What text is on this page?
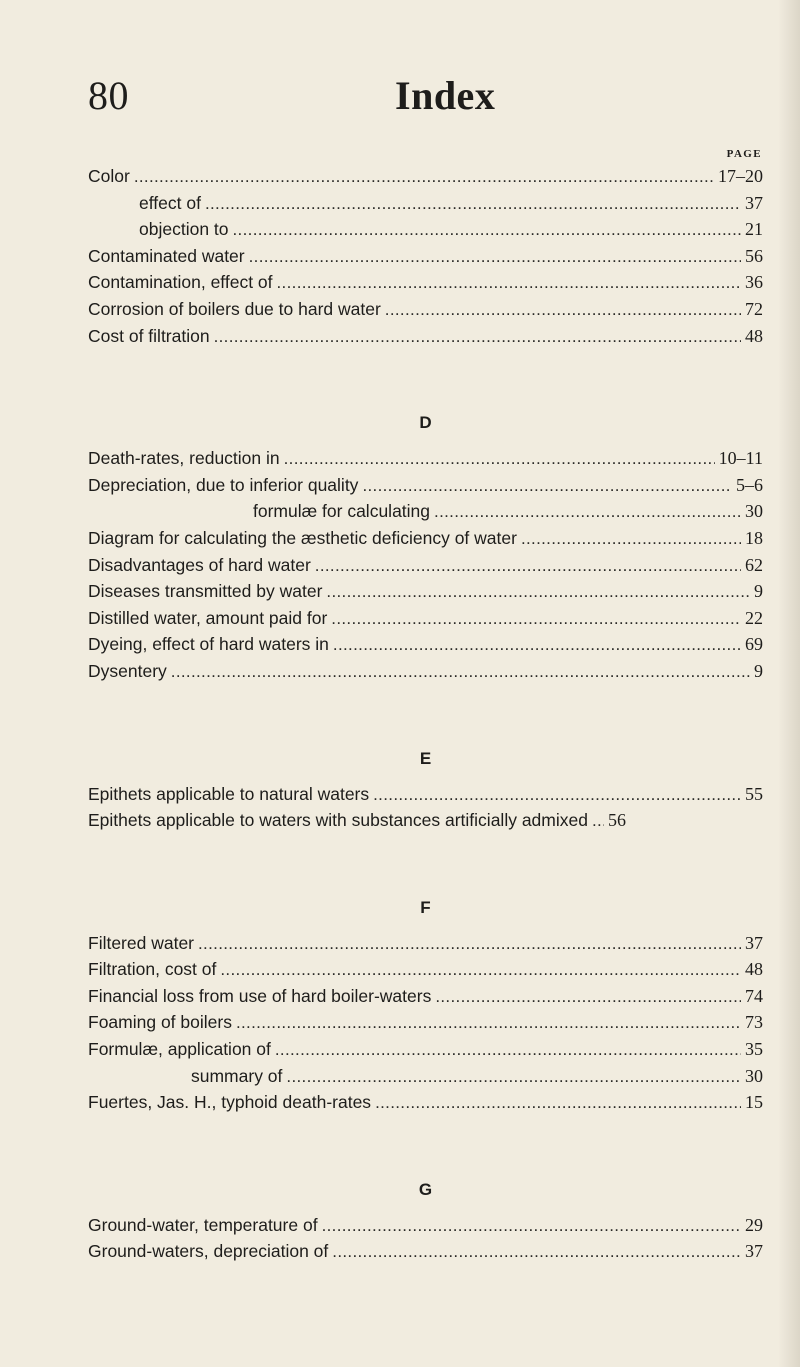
80	Index
PAGE
Color . . .	17–20
effect of . . .	37
objection to . . .	21
Contaminated water . . .	56
Contamination, effect of . . .	36
Corrosion of boilers due to hard water . . .	72
Cost of filtration . . .	48
D
Death-rates, reduction in . . .	10–11
Depreciation, due to inferior quality . . .	5–6
formulæ for calculating . . .	30
Diagram for calculating the æsthetic deficiency of water . . .	18
Disadvantages of hard water . . .	62
Diseases transmitted by water . . .	9
Distilled water, amount paid for . . .	22
Dyeing, effect of hard waters in . . .	69
Dysentery . . .	9
E
Epithets applicable to natural waters . . .	55
Epithets applicable to waters with substances artificially admixed . . . 56
F
Filtered water . . .	37
Filtration, cost of . . .	48
Financial loss from use of hard boiler-waters . . .	74
Foaming of boilers . . .	73
Formulæ, application of . . .	35
summary of . . .	30
Fuertes, Jas. H., typhoid death-rates . . .	15
G
Ground-water, temperature of . . .	29
Ground-waters, depreciation of . . .	37
